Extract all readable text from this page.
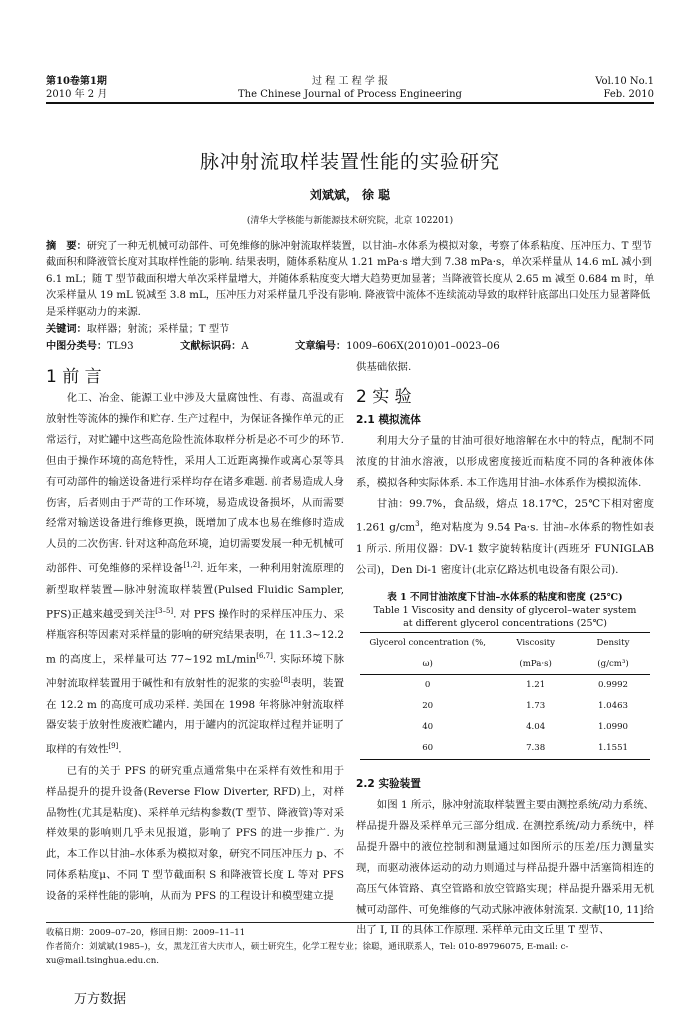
第10卷第1期
2010 年 2 月
过 程 工 程 学 报
The Chinese Journal of Process Engineering
Vol.10 No.1
Feb. 2010
脉冲射流取样装置性能的实验研究
刘斌斌， 徐 聪
(清华大学核能与新能源技术研究院，北京 102201)

摘　要：研究了一种无机械可动部件、可免维修的脉冲射流取样装置，以甘油–水体系为模拟对象，考察了体系粘度、压冲压力、T 型节截面积和降液管长度对其取样性能的影响. 结果表明，随体系粘度从 1.21 mPa·s 增大到 7.38 mPa·s，单次采样量从 14.6 mL 减小到 6.1 mL；随 T 型节截面积增大单次采样量增大，并随体系粘度变大增大趋势更加显著；当降液管长度从 2.65 m 减至 0.684 m 时，单次采样量从 19 mL 锐减至 3.8 mL，压冲压力对采样量几乎没有影响. 降液管中流体不连续流动导致的取样针底部出口处压力显著降低是采样驱动力的来源.

关键词：取样器；射流；采样量；T 型节

中图分类号：TL93	文献标识码：A	文章编号：1009–606X(2010)01–0023–06

1 前 言

化工、冶金、能源工业中涉及大量腐蚀性、有毒、高温或有放射性等流体的操作和贮存. 生产过程中，为保证各操作单元的正常运行，对贮罐中这些高危险性流体取样分析是必不可少的环节. 但由于操作环境的高危特性，采用人工近距离操作或离心泵等具有可动部件的输送设备进行采样均存在诸多难题. 前者易造成人身伤害，后者则由于严苛的工作环境，易造成设备损坏，从而需要经常对输送设备进行维修更换，既增加了成本也易在维修时造成人员的二次伤害. 针对这种高危环境，迫切需要发展一种无机械可动部件、可免维修的采样设备[1,2]. 近年来，一种利用射流原理的新型取样装置—脉冲射流取样装置(Pulsed Fluidic Sampler, PFS)正越来越受到关注[3–5]. 对 PFS 操作时的采样压冲压力、采样瓶容积等因素对采样量的影响的研究结果表明，在 11.3~12.2 m 的高度上，采样量可达 77~192 mL/min[6,7]. 实际环境下脉冲射流取样装置用于碱性和有放射性的泥浆的实验[8]表明，装置在 12.2 m 的高度可成功采样. 美国在 1998 年将脉冲射流取样器安装于放射性废液贮罐内，用于罐内的沉淀取样过程并证明了取样的有效性[9].

已有的关于 PFS 的研究重点通常集中在采样有效性和用于样品提升的提升设备(Reverse Flow Diverter, RFD)上，对样品物性(尤其是粘度)、采样单元结构参数(T 型节、降液管)等对采样效果的影响则几乎未见报道，影响了 PFS 的进一步推广. 为此，本工作以甘油–水体系为模拟对象，研究不同压冲压力 p、不同体系粘度μ、不同 T 型节截面积 S 和降液管长度 L 等对 PFS 设备的采样性能的影响，从而为 PFS 的工程设计和模型建立提

供基础依据.

2 实 验
2.1 模拟流体

利用大分子量的甘油可很好地溶解在水中的特点，配制不同浓度的甘油水溶液，以形成密度接近而粘度不同的各种液体体系，模拟各种实际体系. 本工作选用甘油–水体系作为模拟流体.

甘油：99.7%，食品级，熔点 18.17℃，25℃下相对密度 1.261 $g/cm^3$，绝对粘度为 9.54 Pa·s. 甘油–水体系的物性如表 1 所示. 所用仪器：DV-1 数字旋转粘度计(西班牙 FUNIGLAB 公司)，Den Di-1 密度计(北京亿路达机电设备有限公司).

表 1 不同甘油浓度下甘油–水体系的粘度和密度 (25℃)
Table 1 Viscosity and density of glycerol–water system
at different glycerol concentrations (25℃)
Glycerol concentration (%, ω)	Viscosity (mPa·s)	Density (g/cm³)
0	1.21	0.9992
20	1.73	1.0463
40	4.04	1.0990
60	7.38	1.1551
2.2 实验装置

如图 1 所示，脉冲射流取样装置主要由测控系统/动力系统、样品提升器及采样单元三部分组成. 在测控系统/动力系统中，样品提升器中的液位控制和测量通过如图所示的压差/压力测量实现，而驱动液体运动的动力则通过与样品提升器中活塞筒相连的高压气体管路、真空管路和放空管路实现；样品提升器采用无机械可动部件、可免维修的气动式脉冲液体射流泵. 文献[10, 11]给出了 I, II 的具体工作原理. 采样单元由文丘里 T 型节、

收稿日期：2009–07–20，修回日期：2009–11–11
作者简介：刘斌斌(1985–)，女，黑龙江省大庆市人，硕士研究生，化学工程专业；徐聪，通讯联系人，Tel: 010-89796075, E-mail: c-xu@mail.tsinghua.edu.cn.
万方数据
